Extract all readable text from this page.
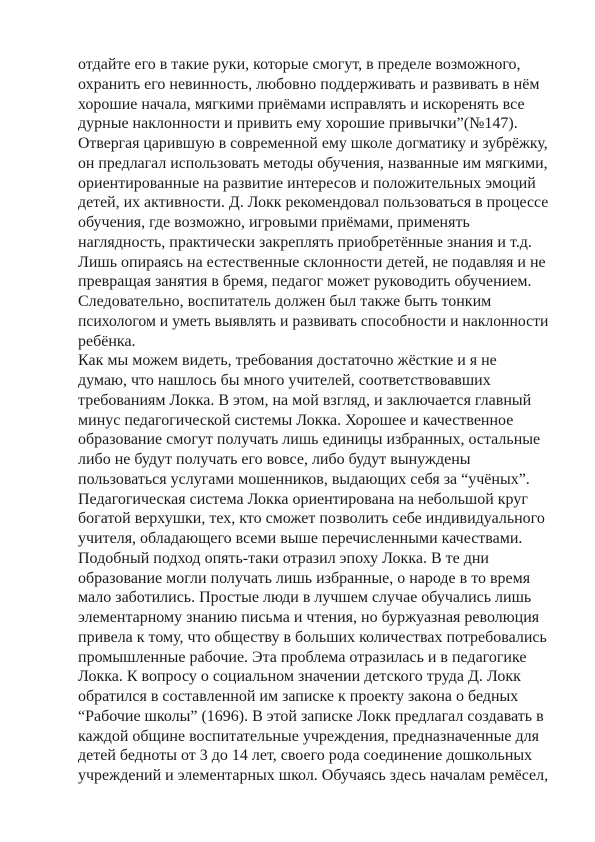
отдайте его в такие руки, которые смогут, в пределе возможного,
охранить его невинность, любовно поддерживать и развивать в нём
хорошие начала, мягкими приёмами исправлять и искоренять все
дурные наклонности и привить ему хорошие привычки”(№147).
Отвергая царившую в современной ему школе догматику и зубрёжку,
он предлагал использовать методы обучения, названные им мягкими,
ориентированные на развитие интересов и положительных эмоций
детей, их активности. Д. Локк рекомендовал пользоваться в процессе
обучения, где возможно, игровыми приёмами, применять
наглядность, практически закреплять приобретённые знания и т.д.
Лишь опираясь на естественные склонности детей, не подавляя и не
превращая занятия в бремя, педагог может руководить обучением.
Следовательно, воспитатель должен был также быть тонким
психологом и уметь выявлять и развивать способности и наклонности
ребёнка.
Как мы можем видеть, требования достаточно жёсткие и я не
думаю, что нашлось бы много учителей, соответствовавших
требованиям Локка. В этом, на мой взгляд, и заключается главный
минус педагогической системы Локка. Хорошее и качественное
образование смогут получать лишь единицы избранных, остальные
либо не будут получать его вовсе, либо будут вынуждены
пользоваться услугами мошенников, выдающих себя за “учёных”.
Педагогическая система Локка ориентирована на небольшой круг
богатой верхушки, тех, кто сможет позволить себе индивидуального
учителя, обладающего всеми выше перечисленными качествами.
Подобный подход опять-таки отразил эпоху Локка. В те дни
образование могли получать лишь избранные, о народе в то время
мало заботились. Простые люди в лучшем случае обучались лишь
элементарному знанию письма и чтения, но буржуазная революция
привела к тому, что обществу в больших количествах потребовались
промышленные рабочие. Эта проблема отразилась и в педагогике
Локка. К вопросу о социальном значении детского труда Д. Локк
обратился в составленной им записке к проекту закона о бедных
“Рабочие школы” (1696). В этой записке Локк предлагал создавать в
каждой общине воспитательные учреждения, предназначенные для
детей бедноты от 3 до 14 лет, своего рода соединение дошкольных
учреждений и элементарных школ. Обучаясь здесь началам ремёсел,
